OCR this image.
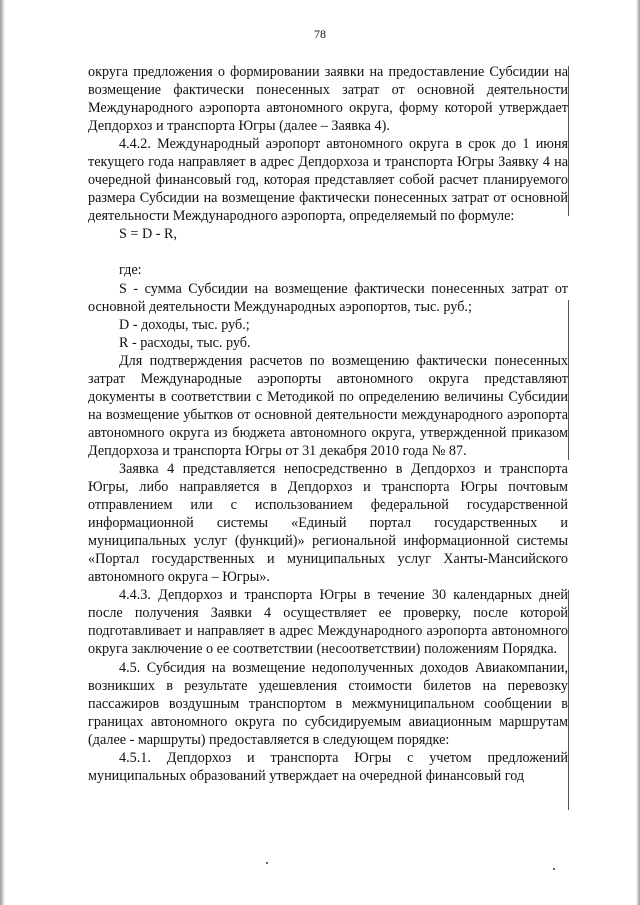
78

округа предложения о формировании заявки на предоставление Субсидии на возмещение фактически понесенных затрат от основной деятельности Международного аэропорта автономного округа, форму которой утверждает Депдорхоз и транспорта Югры (далее – Заявка 4).

4.4.2. Международный аэропорт автономного округа в срок до 1 июня текущего года направляет в адрес Депдорхоза и транспорта Югры Заявку 4 на очередной финансовый год, которая представляет собой расчет планируемого размера Субсидии на возмещение фактически понесенных затрат от основной деятельности Международного аэропорта, определяемый по формуле:

S = D - R,

где:

S - сумма Субсидии на возмещение фактически понесенных затрат от основной деятельности Международных аэропортов, тыс. руб.;

D - доходы, тыс. руб.;

R - расходы, тыс. руб.

Для подтверждения расчетов по возмещению фактически понесенных затрат Международные аэропорты автономного округа представляют документы в соответствии с Методикой по определению величины Субсидии на возмещение убытков от основной деятельности международного аэропорта автономного округа из бюджета автономного округа, утвержденной приказом Депдорхоза и транспорта Югры от 31 декабря 2010 года № 87.

Заявка 4 представляется непосредственно в Депдорхоз и транспорта Югры, либо направляется в Депдорхоз и транспорта Югры почтовым отправлением или с использованием федеральной государственной информационной системы «Единый портал государственных и муниципальных услуг (функций)» региональной информационной системы «Портал государственных и муниципальных услуг Ханты-Мансийского автономного округа – Югры».

4.4.3. Депдорхоз и транспорта Югры в течение 30 календарных дней после получения Заявки 4 осуществляет ее проверку, после которой подготавливает и направляет в адрес Международного аэропорта автономного округа заключение о ее соответствии (несоответствии) положениям Порядка.

4.5. Субсидия на возмещение недополученных доходов Авиакомпании, возникших в результате удешевления стоимости билетов на перевозку пассажиров воздушным транспортом в межмуниципальном сообщении в границах автономного округа по субсидируемым авиационным маршрутам (далее - маршруты) предоставляется в следующем порядке:

4.5.1. Депдорхоз и транспорта Югры с учетом предложений муниципальных образований утверждает на очередной финансовый год
